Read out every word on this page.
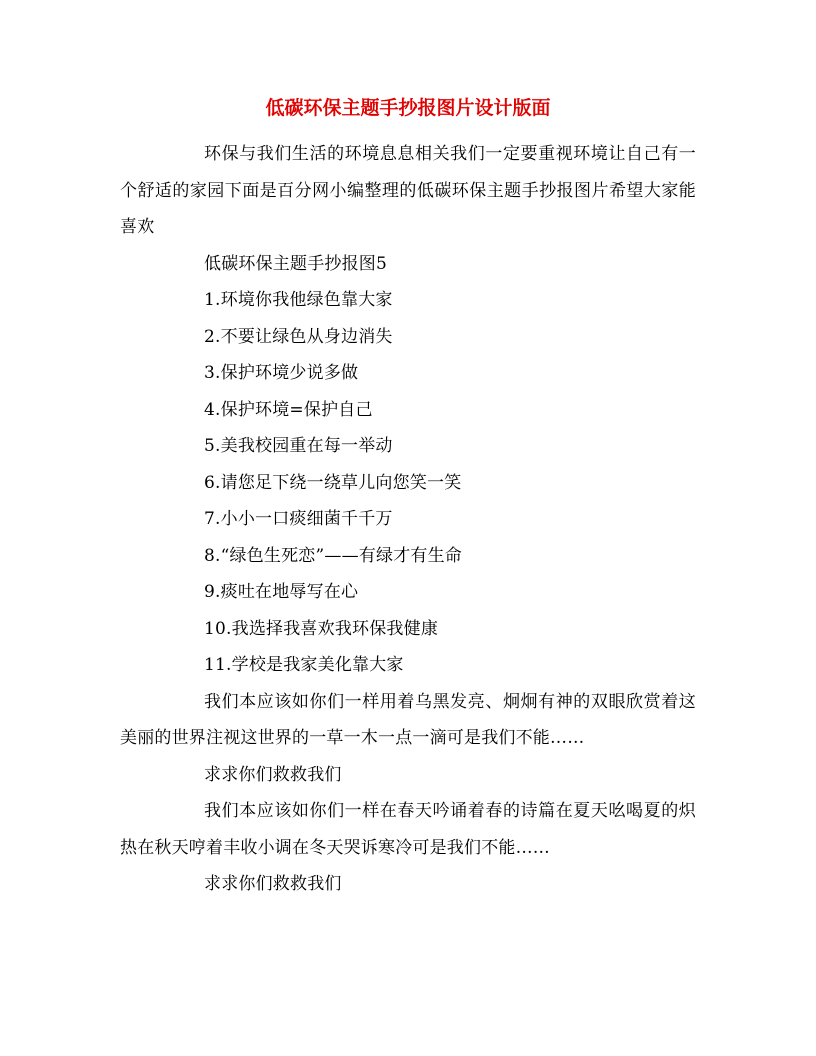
低碳环保主题手抄报图片设计版面

环保与我们生活的环境息息相关我们一定要重视环境让自己有一个舒适的家园下面是百分网小编整理的低碳环保主题手抄报图片希望大家能喜欢

低碳环保主题手抄报图5

1.环境你我他绿色靠大家

2.不要让绿色从身边消失

3.保护环境少说多做

4.保护环境=保护自己

5.美我校园重在每一举动

6.请您足下绕一绕草儿向您笑一笑

7.小小一口痰细菌千千万

8.“绿色生死恋”——有绿才有生命

9.痰吐在地辱写在心

10.我选择我喜欢我环保我健康

11.学校是我家美化靠大家

我们本应该如你们一样用着乌黑发亮、炯炯有神的双眼欣赏着这美丽的世界注视这世界的一草一木一点一滴可是我们不能……

求求你们救救我们

我们本应该如你们一样在春天吟诵着春的诗篇在夏天吆喝夏的炽热在秋天哼着丰收小调在冬天哭诉寒冷可是我们不能……

求求你们救救我们
